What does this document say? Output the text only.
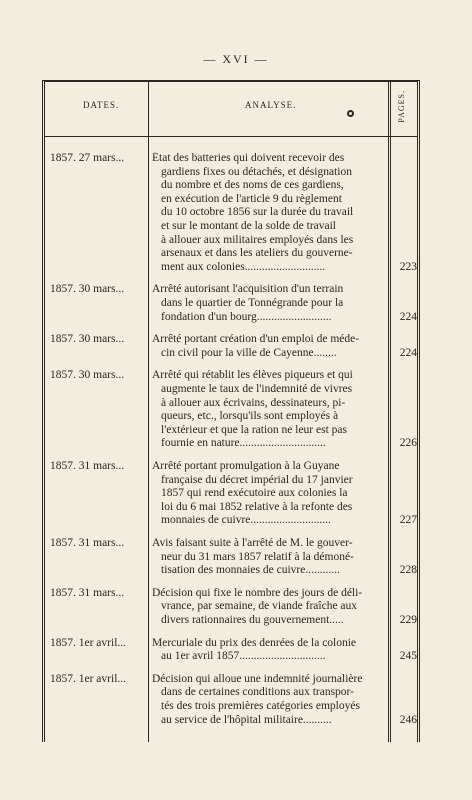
— XVI —
DATES.	ANALYSE.	PAGES.
1857. 27 mars... État des batteries qui doivent recevoir des
gardiens fixes ou détachés, et désignation
du nombre et des noms de ces gardiens,
en exécution de l'article 9 du règlement
du 10 octobre 1856 sur la durée du travail
et sur le montant de la solde de travail
à allouer aux militaires employés dans les
arsenaux et dans les ateliers du gouverne-
ment aux colonies............................	223
1857. 30 mars... Arrêté autorisant l'acquisition d'un terrain
dans le quartier de Tonnégrande pour la
fondation d'un bourg..........................	224
1857. 30 mars... Arrêté portant création d'un emploi de méde-
cin civil pour la ville de Cayenne........	224
1857. 30 mars... Arrêté qui rétablit les élèves piqueurs et qui
augmente le taux de l'indemnité de vivres
à allouer aux écrivains, dessinateurs, pi-
queurs, etc., lorsqu'ils sont employés à
l'extérieur et que la ration ne leur est pas
fournie en nature..............................	226
1857. 31 mars... Arrêté portant promulgation à la Guyane
française du décret impérial du 17 janvier
1857 qui rend exécutoire aux colonies la
loi du 6 mai 1852 relative à la refonte des
monnaies de cuivre............................	227
1857. 31 mars... Avis faisant suite à l'arrêté de M. le gouver-
neur du 31 mars 1857 relatif à la démoné-
tisation des monnaies de cuivre............	228
1857. 31 mars... Décision qui fixe le nombre des jours de déli-
vrance, par semaine, de viande fraîche aux
divers rationnaires du gouvernement.....	229
1857. 1er avril... Mercuriale du prix des denrées de la colonie
au 1er avril 1857..............................	245
1857. 1er avril... Décision qui alloue une indemnité journalière
dans de certaines conditions aux transpor-
tés des trois premières catégories employés
au service de l'hôpital militaire..........	246
